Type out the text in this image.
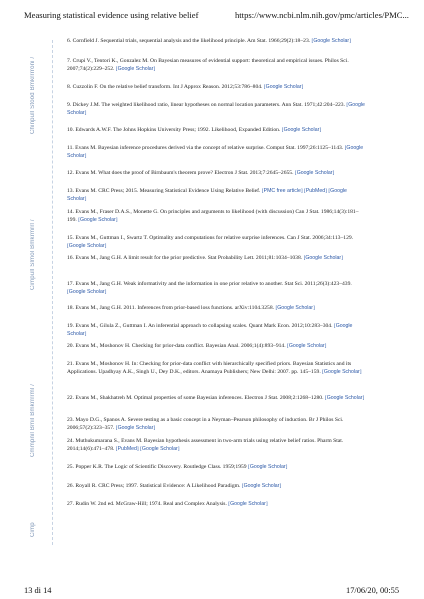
Measuring statistical evidence using relative belief	https://www.ncbi.nlm.nih.gov/pmc/articles/PMC...
Chinpull Stood Bmkrrrroni /
Cimpull Slmol Bmkrmrrl /
Cmmpnil Bmil Bmkrrrrml /
Cimp
6. Cornfield J. Sequential trials, sequential analysis and the likelihood principle. Am Stat. 1966;29(2):18–23. [Google Scholar]
7. Crupi V., Tentori K., Gonzalez M. On Bayesian measures of evidential support: theoretical and empirical issues. Philos Sci. 2007;74(2):229–252. [Google Scholar]
8. Cuzzolin F. On the relative belief transform. Int J Approx Reason. 2012;53:786–804. [Google Scholar]
9. Dickey J.M. The weighted likelihood ratio, linear hypotheses on normal location parameters. Ann Stat. 1971;42:204–223. [Google Scholar]
10. Edwards A.W.F. The Johns Hopkins University Press; 1992. Likelihood, Expanded Edition. [Google Scholar]
11. Evans M. Bayesian inference procedures derived via the concept of relative surprise. Comput Stat. 1997;26:1125–1143. [Google Scholar]
12. Evans M. What does the proof of Birnbaum's theorem prove? Electron J Stat. 2013;7:2645–2655. [Google Scholar]
13. Evans M. CRC Press; 2015. Measuring Statistical Evidence Using Relative Belief. [PMC free article] [PubMed] [Google Scholar]
14. Evans M., Fraser D.A.S., Monette G. On principles and arguments to likelihood (with discussion) Can J Stat. 1986;14(3):181–199. [Google Scholar]
15. Evans M., Guttman I., Swartz T. Optimality and computations for relative surprise inferences. Can J Stat. 2006;34:113–129. [Google Scholar]
16. Evans M., Jang G.H. A limit result for the prior predictive. Stat Probability Lett. 2011;81:1034–1038. [Google Scholar]
17. Evans M., Jang G.H. Weak informativity and the information in one prior relative to another. Stat Sci. 2011;26(3):423–439. [Google Scholar]
18. Evans M., Jang G.H. 2011. Inferences from prior-based loss functions. arXiv:1104.3258. [Google Scholar]
19. Evans M., Gilula Z., Guttman I. An inferential approach to collapsing scales. Quant Mark Econ. 2012;10:283–304. [Google Scholar]
20. Evans M., Moshonov H. Checking for prior-data conflict. Bayesian Anal. 2006;1(4):893–914. [Google Scholar]
21. Evans M., Moshonov H. In: Checking for prior-data conflict with hierarchically specified priors. Bayesian Statistics and its Applications. Upadhyay A.K., Singh U., Dey D.K., editors. Anamaya Publishers; New Delhi: 2007. pp. 145–159. [Google Scholar]
22. Evans M., Shakhatreh M. Optimal properties of some Bayesian inferences. Electron J Stat. 2008;2:1268–1280. [Google Scholar]
23. Mayo D.G., Spanos A. Severe testing as a basic concept in a Neyman–Pearson philosophy of induction. Br J Philos Sci. 2006;57(2):323–357. [Google Scholar]
24. Muthukumarana S., Evans M. Bayesian hypothesis assessment in two-arm trials using relative belief ratios. Pharm Stat. 2014;14(6):471–478. [PubMed] [Google Scholar]
25. Popper K.R. The Logic of Scientific Discovery. Routledge Class. 1959;1959 [Google Scholar]
26. Royall R. CRC Press; 1997. Statistical Evidence: A Likelihood Paradigm. [Google Scholar]
27. Rudin W. 2nd ed. McGraw-Hill; 1974. Real and Complex Analysis. [Google Scholar]
13 di 14	17/06/20, 00:55
